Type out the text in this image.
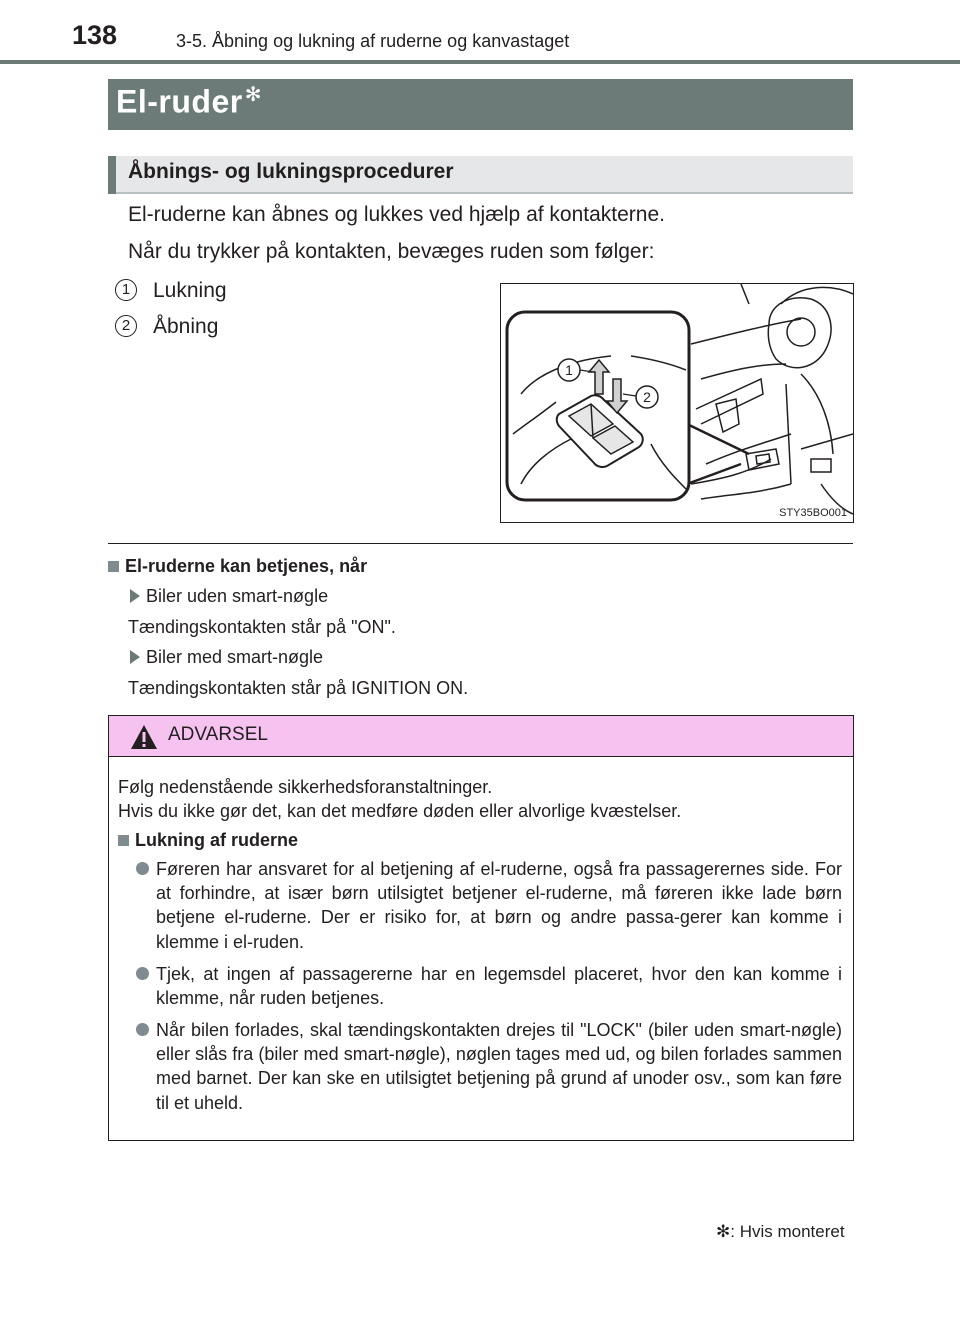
138	3-5. Åbning og lukning af ruderne og kanvastaget
El-ruder ✻
Åbnings- og lukningsprocedurer
El-ruderne kan åbnes og lukkes ved hjælp af kontakterne.
Når du trykker på kontakten, bevæges ruden som følger:
1	Lukning
2	Åbning
1
2
STY35BO001
El-ruderne kan betjenes, når
Biler uden smart-nøgle
Tændingskontakten står på "ON".
Biler med smart-nøgle
Tændingskontakten står på IGNITION ON.
ADVARSEL
Følg nedenstående sikkerhedsforanstaltninger.
Hvis du ikke gør det, kan det medføre døden eller alvorlige kvæstelser.
Lukning af ruderne
Føreren har ansvaret for al betjening af el-ruderne, også fra passagerernes side. For at forhindre, at især børn utilsigtet betjener el-ruderne, må føreren ikke lade børn betjene el-ruderne. Der er risiko for, at børn og andre passa-gerer kan komme i klemme i el-ruden.
Tjek, at ingen af passagererne har en legemsdel placeret, hvor den kan komme i klemme, når ruden betjenes.
Når bilen forlades, skal tændingskontakten drejes til "LOCK" (biler uden smart-nøgle) eller slås fra (biler med smart-nøgle), nøglen tages med ud, og bilen forlades sammen med barnet. Der kan ske en utilsigtet betjening på grund af unoder osv., som kan føre til et uheld.
✻: Hvis monteret
